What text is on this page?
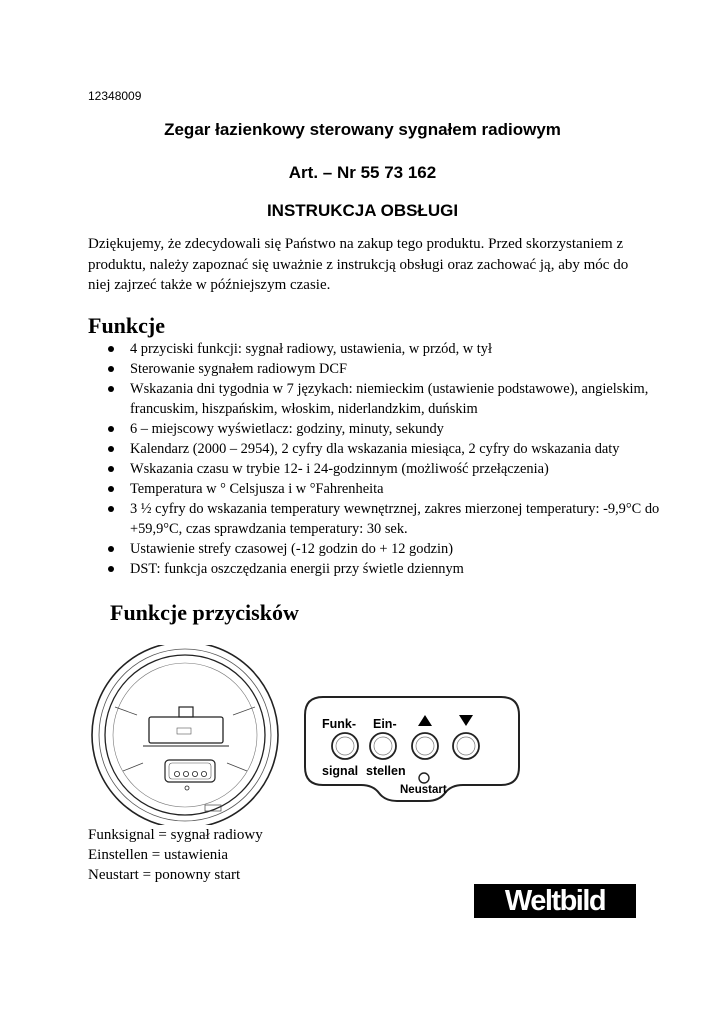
12348009
Zegar łazienkowy sterowany sygnałem radiowym
Art. – Nr 55 73 162
INSTRUKCJA OBSŁUGI
Dziękujemy, że zdecydowali się Państwo na zakup tego produktu. Przed skorzystaniem z produktu, należy zapoznać się uważnie z instrukcją obsługi oraz zachować ją, aby móc do niej zajrzeć także w późniejszym czasie.
Funkcje
4 przyciski funkcji: sygnał radiowy, ustawienia, w przód, w tył
Sterowanie sygnałem radiowym DCF
Wskazania dni tygodnia w 7 językach: niemieckim (ustawienie podstawowe), angielskim, francuskim, hiszpańskim, włoskim, niderlandzkim, duńskim
6 – miejscowy wyświetlacz: godziny, minuty, sekundy
Kalendarz (2000 – 2954), 2 cyfry dla wskazania miesiąca, 2 cyfry do wskazania daty
Wskazania czasu w trybie 12- i 24-godzinnym (możliwość przełączenia)
Temperatura w ° Celsjusza i w °Fahrenheita
3 ½ cyfry do wskazania temperatury wewnętrznej, zakres mierzonej temperatury: -9,9°C do +59,9°C, czas sprawdzania temperatury: 30 sek.
Ustawienie strefy czasowej (-12 godzin do + 12 godzin)
DST: funkcja oszczędzania energii przy świetle dziennym
Funkcje przycisków
Funk-
signal
Ein-
stellen
Neustart
Funksignal = sygnał radiowy
Einstellen = ustawienia
Neustart = ponowny start
Weltbild
